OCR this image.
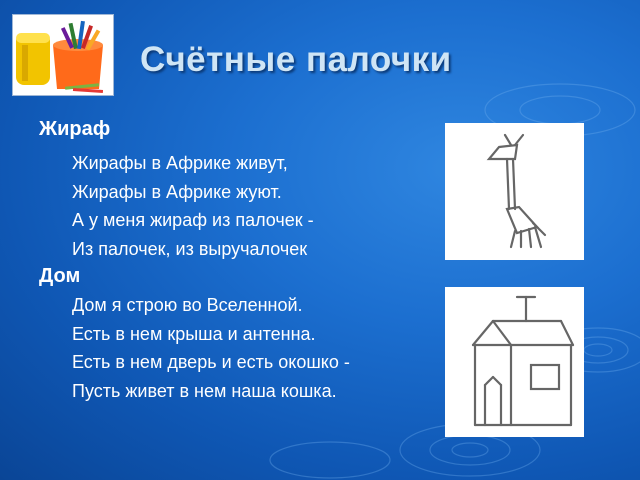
Счётные палочки
Жираф
Жирафы в Африке живут,
Жирафы в Африке жуют.
А у меня жираф из палочек -
Из палочек, из выручалочек
Дом
Дом я строю во Вселенной.
Есть в нем крыша и антенна.
Есть в нем дверь и есть окошко -
Пусть живет в нем наша кошка.
